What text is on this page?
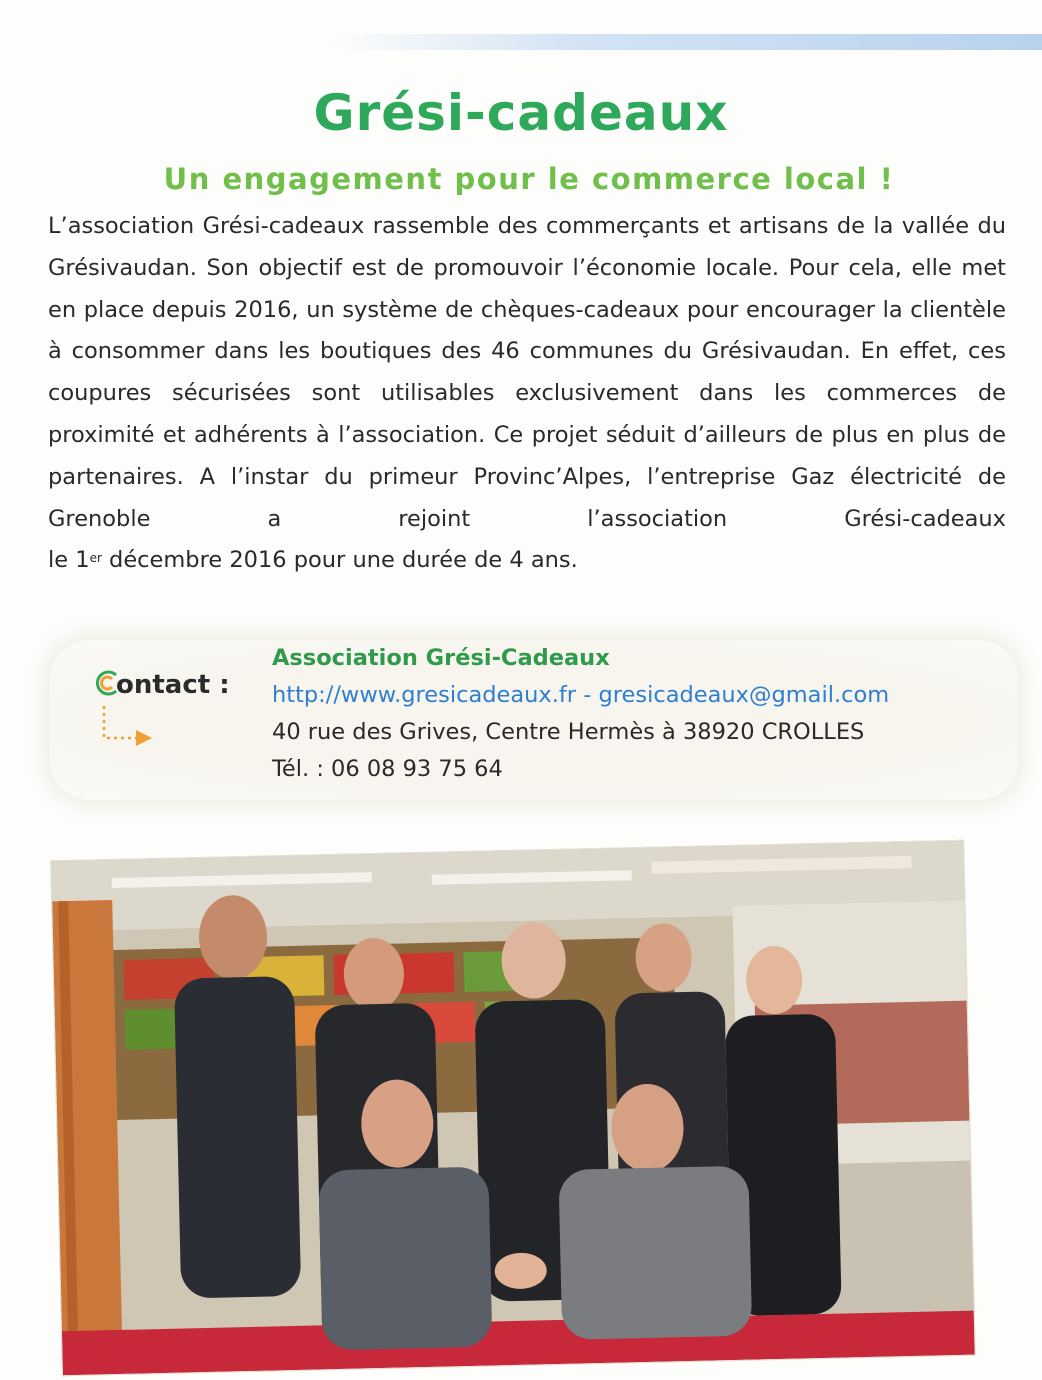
Grési-cadeaux
Un engagement pour le commerce local !

L’association Grési-cadeaux rassemble des commerçants et artisans de la vallée du Grésivaudan. Son objectif est de promouvoir l’économie locale. Pour cela, elle met en place depuis 2016, un système de chèques-cadeaux pour encourager la clientèle à consommer dans les boutiques des 46 communes du Grésivaudan. En effet, ces coupures sécurisées sont utilisables exclusivement dans les commerces de proximité et adhérents à l’association. Ce projet séduit d’ailleurs de plus en plus de partenaires. A l’instar du primeur Provinc’Alpes, l’entreprise Gaz électricité de Grenoble a rejoint l’association Grési-cadeaux
le 1er décembre 2016 pour une durée de 4 ans.

ontact :
Association Grési-Cadeaux
http://www.gresicadeaux.fr - gresicadeaux@gmail.com
40 rue des Grives, Centre Hermès à 38920 CROLLES
Tél. : 06 08 93 75 64
